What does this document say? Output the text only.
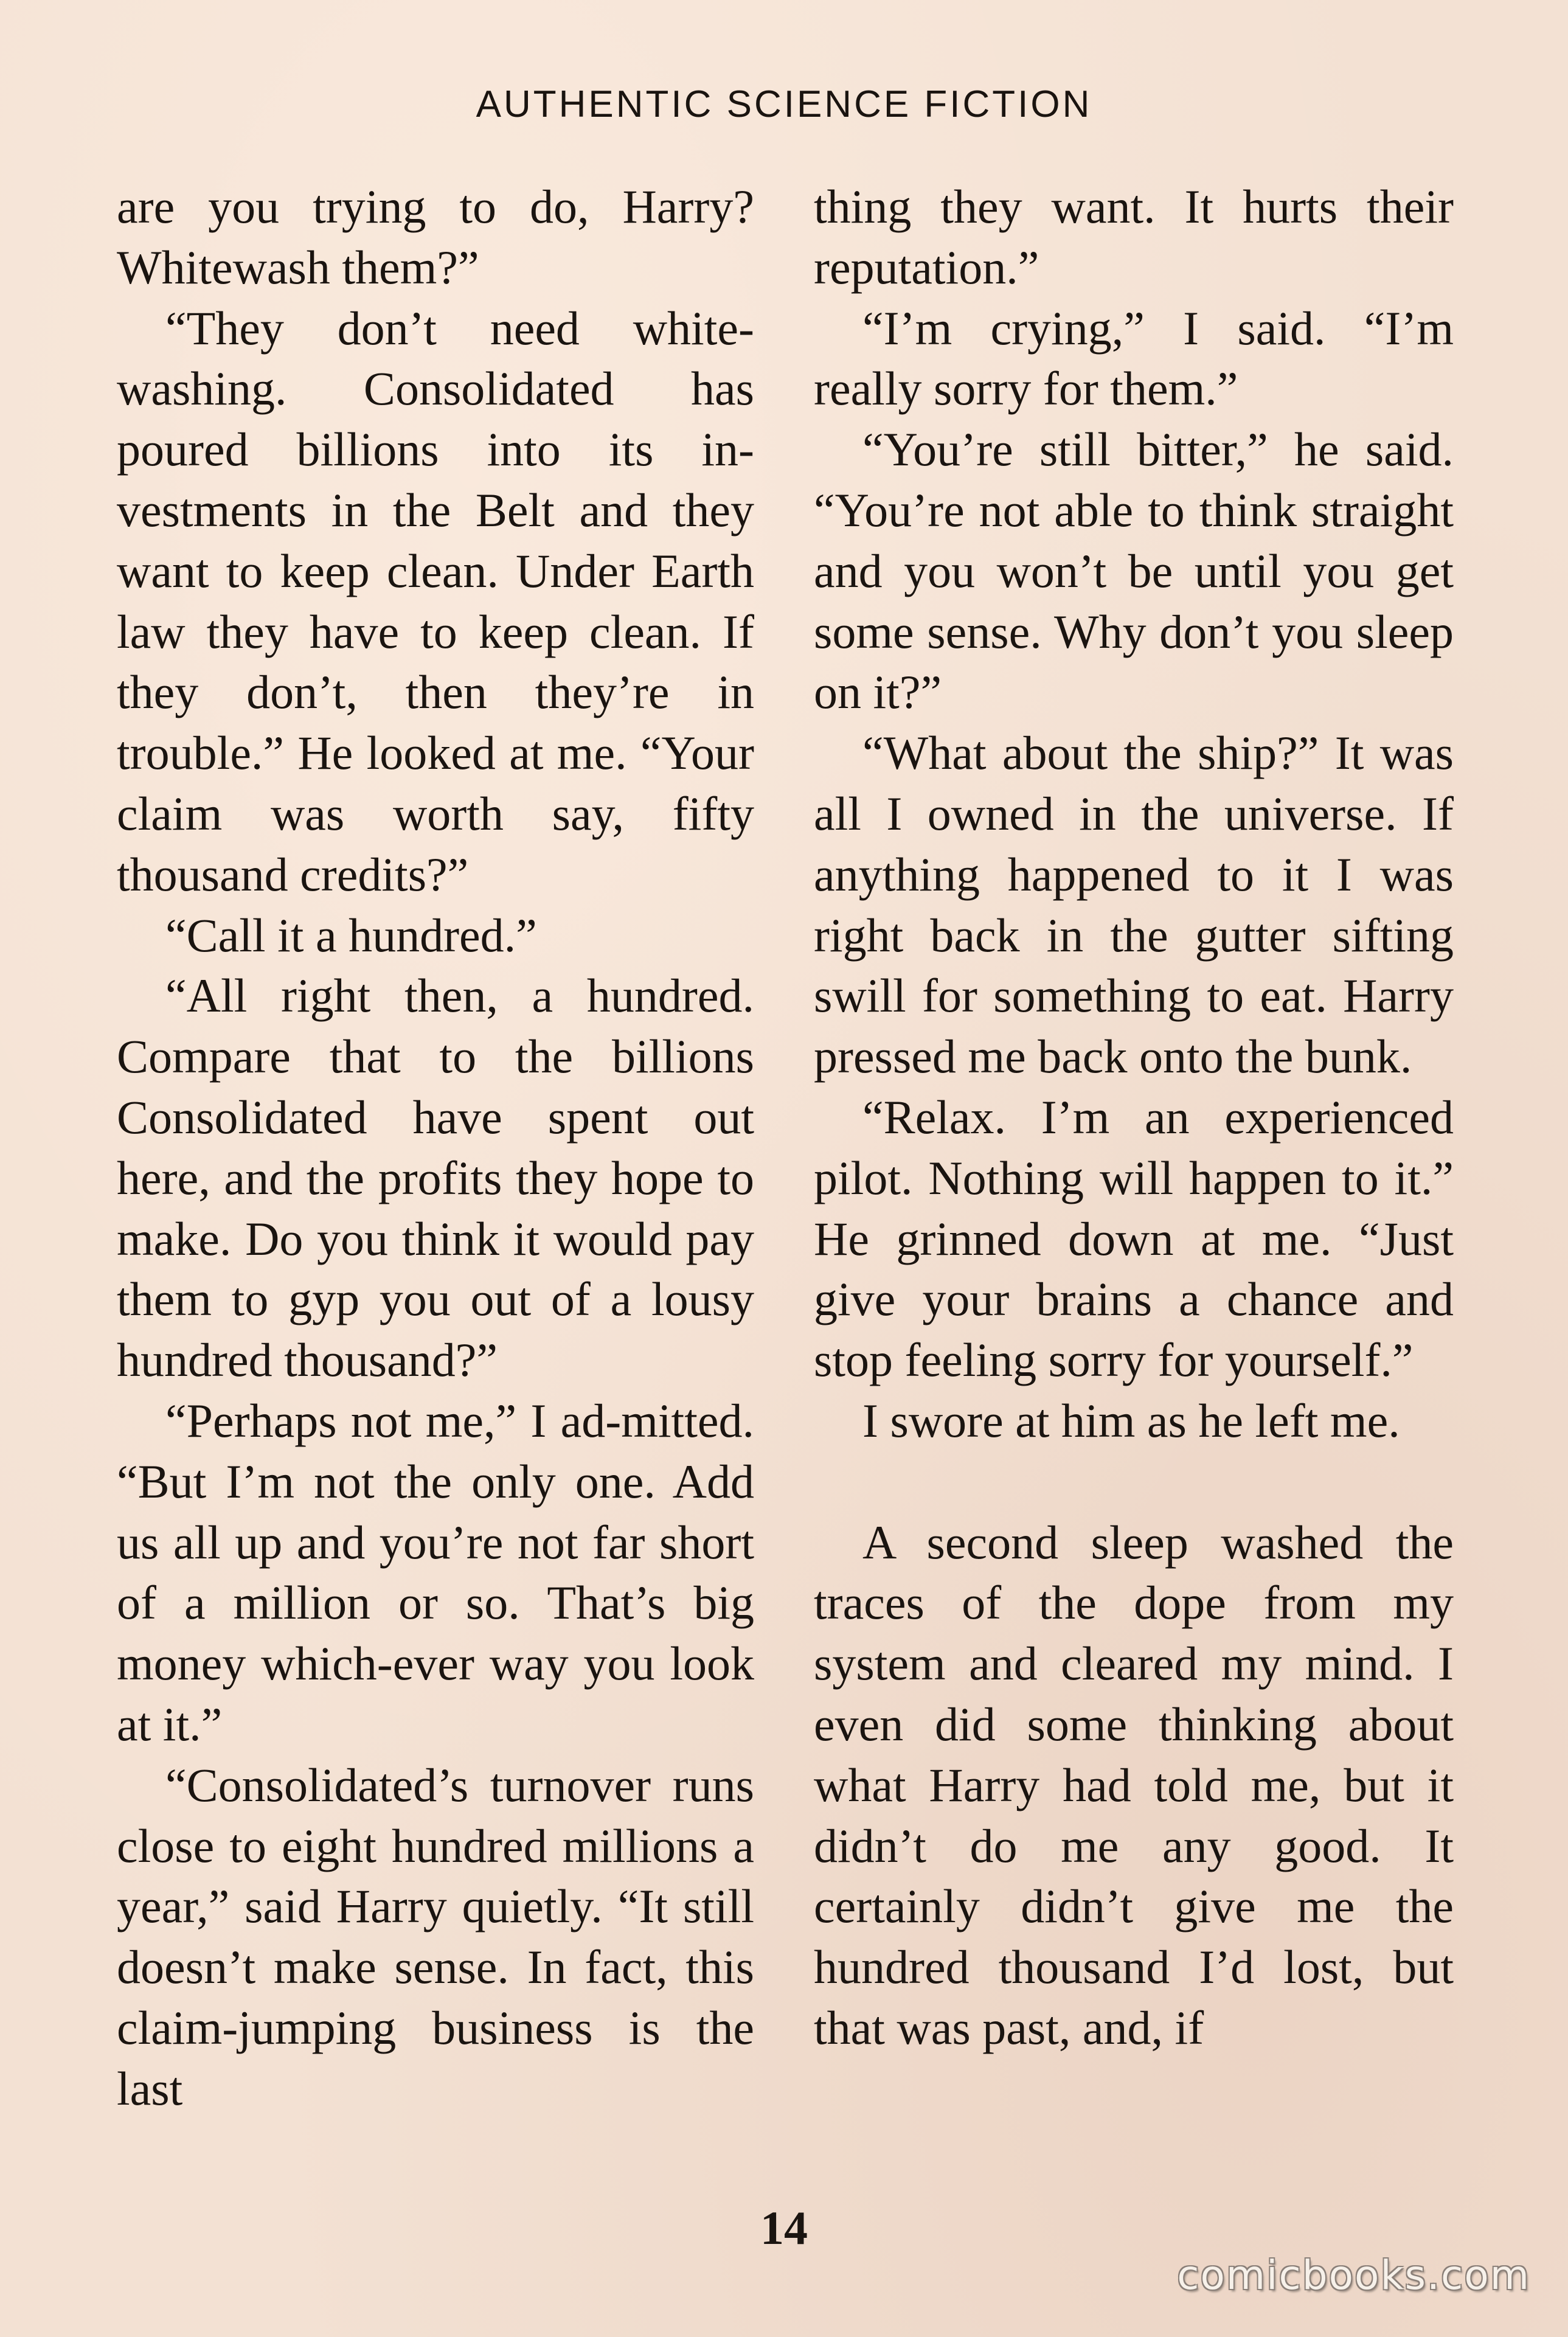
AUTHENTIC SCIENCE FICTION

are you trying to do, Harry? Whitewash them?”

“They don’t need white-washing. Consolidated has poured billions into its in-vestments in the Belt and they want to keep clean. Under Earth law they have to keep clean. If they don’t, then they’re in trouble.” He looked at me. “Your claim was worth say, fifty thousand credits?”

“Call it a hundred.”

“All right then, a hundred. Compare that to the billions Consolidated have spent out here, and the profits they hope to make. Do you think it would pay them to gyp you out of a lousy hundred thousand?”

“Perhaps not me,” I ad-mitted. “But I’m not the only one. Add us all up and you’re not far short of a million or so. That’s big money which-ever way you look at it.”

“Consolidated’s turnover runs close to eight hundred millions a year,” said Harry quietly. “It still doesn’t make sense. In fact, this claim-jumping business is the last

thing they want. It hurts their reputation.”

“I’m crying,” I said. “I’m really sorry for them.”

“You’re still bitter,” he said. “You’re not able to think straight and you won’t be until you get some sense. Why don’t you sleep on it?”

“What about the ship?” It was all I owned in the universe. If anything happened to it I was right back in the gutter sifting swill for something to eat. Harry pressed me back onto the bunk.

“Relax. I’m an experienced pilot. Nothing will happen to it.” He grinned down at me. “Just give your brains a chance and stop feeling sorry for yourself.”

I swore at him as he left me.

A second sleep washed the traces of the dope from my system and cleared my mind. I even did some thinking about what Harry had told me, but it didn’t do me any good. It certainly didn’t give me the hundred thousand I’d lost, but that was past, and, if

14
comicbooks.com
